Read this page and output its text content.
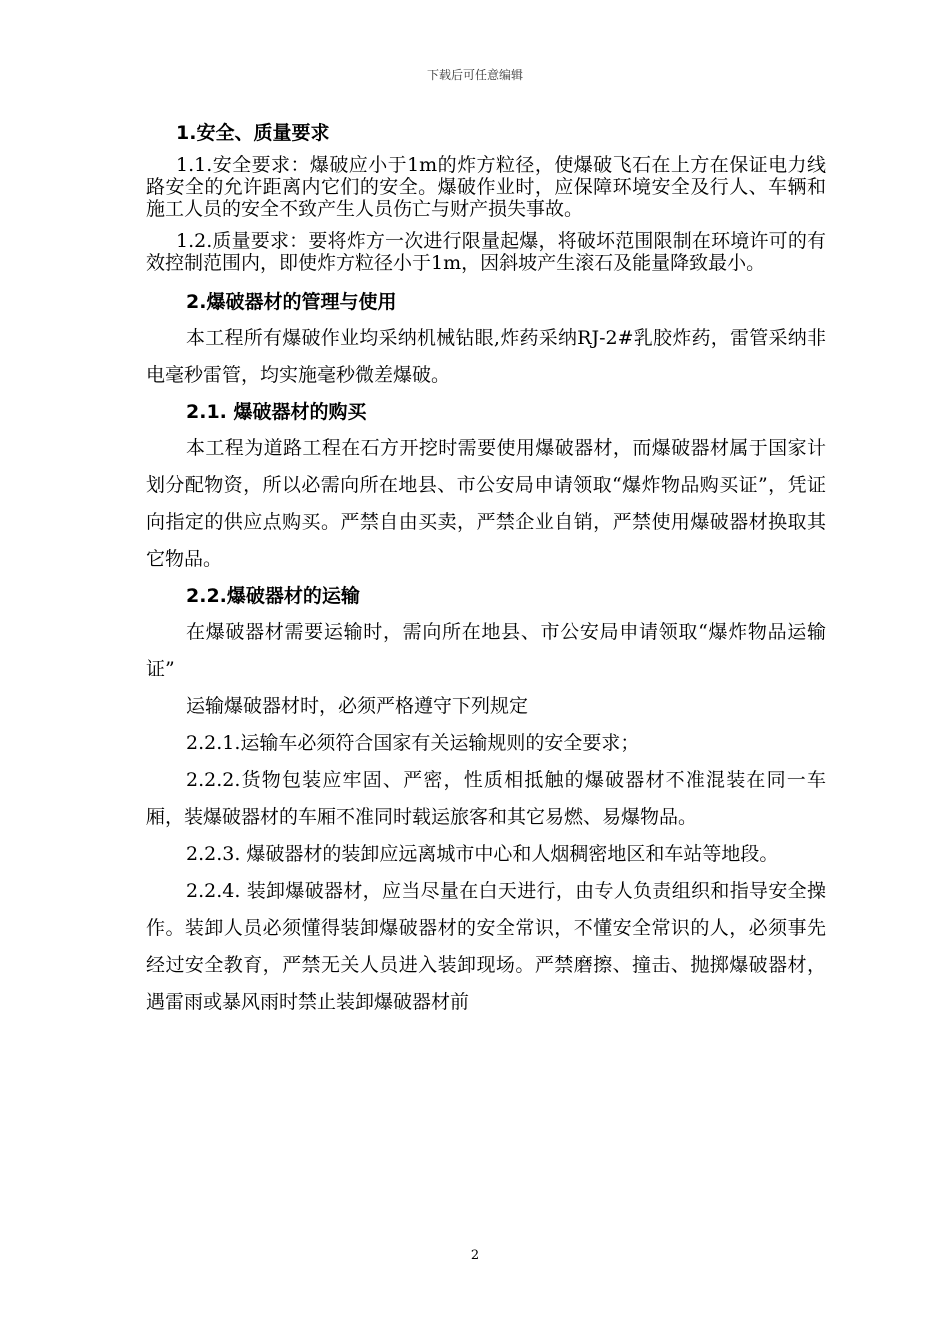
下载后可任意编辑
1.安全、质量要求

1.1.安全要求：爆破应小于1m的炸方粒径，使爆破飞石在上方在保证电力线路安全的允许距离内它们的安全。爆破作业时，应保障环境安全及行人、车辆和施工人员的安全不致产生人员伤亡与财产损失事故。

1.2.质量要求：要将炸方一次进行限量起爆，将破坏范围限制在环境许可的有效控制范围内，即使炸方粒径小于1m，因斜坡产生滚石及能量降致最小。

2.爆破器材的管理与使用

本工程所有爆破作业均采纳机械钻眼,炸药采纳RJ-2#乳胶炸药，雷管采纳非电毫秒雷管，均实施毫秒微差爆破。

2.1. 爆破器材的购买

本工程为道路工程在石方开挖时需要使用爆破器材，而爆破器材属于国家计划分配物资，所以必需向所在地县、市公安局申请领取“爆炸物品购买证”，凭证向指定的供应点购买。严禁自由买卖，严禁企业自销，严禁使用爆破器材换取其它物品。

2.2.爆破器材的运输

在爆破器材需要运输时，需向所在地县、市公安局申请领取“爆炸物品运输证”

运输爆破器材时，必须严格遵守下列规定

2.2.1.运输车必须符合国家有关运输规则的安全要求；

2.2.2.货物包装应牢固、严密，性质相抵触的爆破器材不准混装在同一车厢，装爆破器材的车厢不准同时载运旅客和其它易燃、易爆物品。

2.2.3. 爆破器材的装卸应远离城市中心和人烟稠密地区和车站等地段。

2.2.4. 装卸爆破器材，应当尽量在白天进行，由专人负责组织和指导安全操作。装卸人员必须懂得装卸爆破器材的安全常识，不懂安全常识的人，必须事先经过安全教育，严禁无关人员进入装卸现场。严禁磨擦、撞击、抛掷爆破器材，遇雷雨或暴风雨时禁止装卸爆破器材前

2
